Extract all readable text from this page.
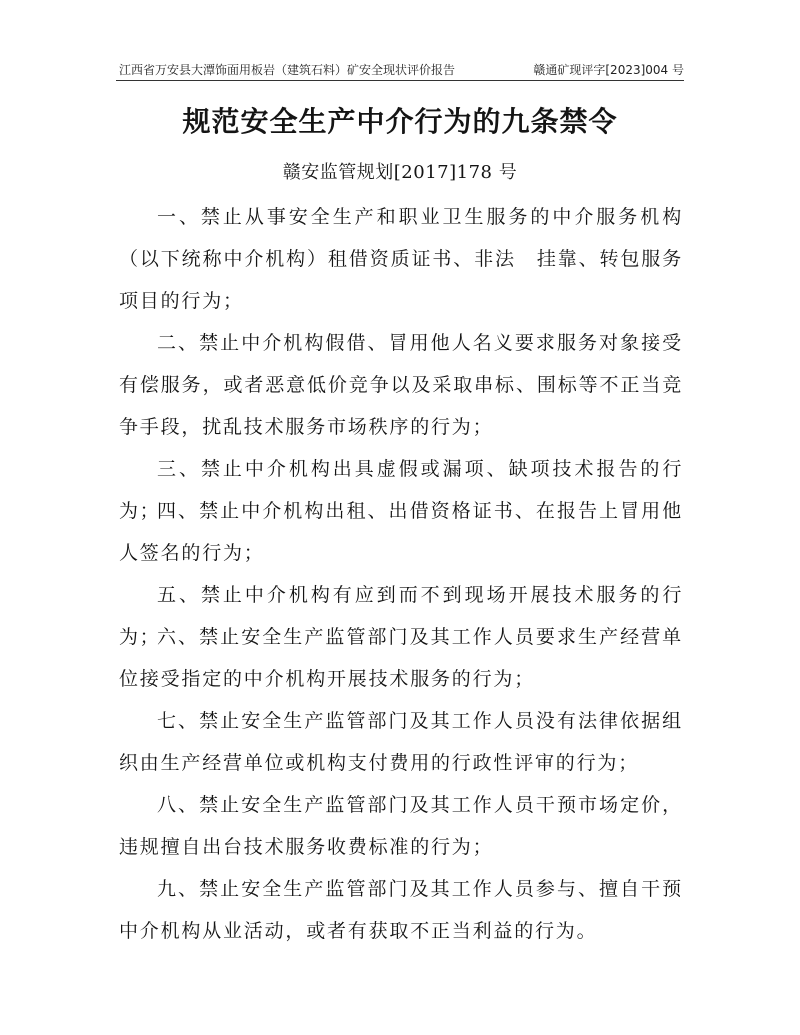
江西省万安县大潭饰面用板岩（建筑石料）矿安全现状评价报告	赣通矿现评字[2023]004 号
规范安全生产中介行为的九条禁令
赣安监管规划[2017]178 号

一、禁止从事安全生产和职业卫生服务的中介服务机构（以下统称中介机构）租借资质证书、非法　挂靠、转包服务项目的行为；

二、禁止中介机构假借、冒用他人名义要求服务对象接受有偿服务，或者恶意低价竞争以及采取串标、围标等不正当竞争手段，扰乱技术服务市场秩序的行为；

三、禁止中介机构出具虚假或漏项、缺项技术报告的行为；

四、禁止中介机构出租、出借资格证书、在报告上冒用他人签名的行为；

五、禁止中介机构有应到而不到现场开展技术服务的行为；

六、禁止安全生产监管部门及其工作人员要求生产经营单位接受指定的中介机构开展技术服务的行为；

七、禁止安全生产监管部门及其工作人员没有法律依据组织由生产经营单位或机构支付费用的行政性评审的行为；

八、禁止安全生产监管部门及其工作人员干预市场定价，违规擅自出台技术服务收费标准的行为；

九、禁止安全生产监管部门及其工作人员参与、擅自干预中介机构从业活动，或者有获取不正当利益的行为。
